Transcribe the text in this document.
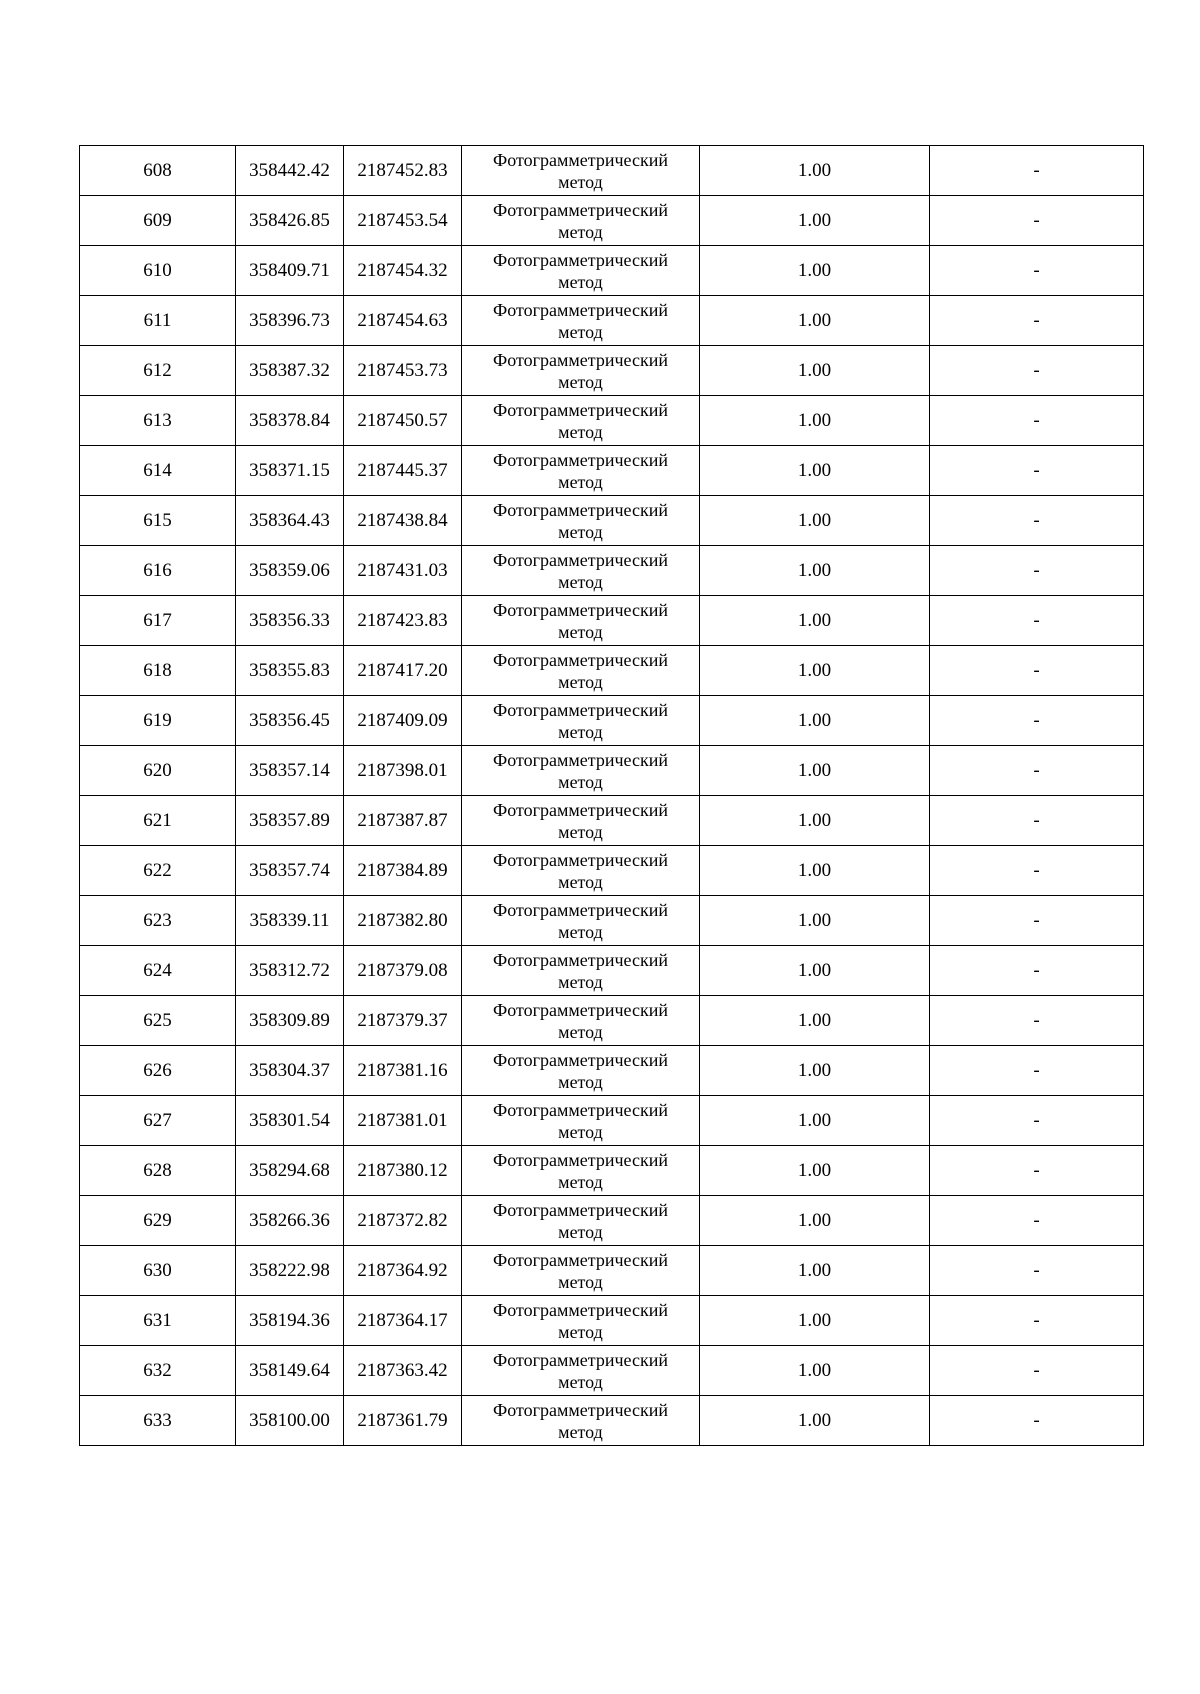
608	358442.42	2187452.83	Фотограмметрический
метод	1.00	-
609	358426.85	2187453.54	Фотограмметрический
метод	1.00	-
610	358409.71	2187454.32	Фотограмметрический
метод	1.00	-
611	358396.73	2187454.63	Фотограмметрический
метод	1.00	-
612	358387.32	2187453.73	Фотограмметрический
метод	1.00	-
613	358378.84	2187450.57	Фотограмметрический
метод	1.00	-
614	358371.15	2187445.37	Фотограмметрический
метод	1.00	-
615	358364.43	2187438.84	Фотограмметрический
метод	1.00	-
616	358359.06	2187431.03	Фотограмметрический
метод	1.00	-
617	358356.33	2187423.83	Фотограмметрический
метод	1.00	-
618	358355.83	2187417.20	Фотограмметрический
метод	1.00	-
619	358356.45	2187409.09	Фотограмметрический
метод	1.00	-
620	358357.14	2187398.01	Фотограмметрический
метод	1.00	-
621	358357.89	2187387.87	Фотограмметрический
метод	1.00	-
622	358357.74	2187384.89	Фотограмметрический
метод	1.00	-
623	358339.11	2187382.80	Фотограмметрический
метод	1.00	-
624	358312.72	2187379.08	Фотограмметрический
метод	1.00	-
625	358309.89	2187379.37	Фотограмметрический
метод	1.00	-
626	358304.37	2187381.16	Фотограмметрический
метод	1.00	-
627	358301.54	2187381.01	Фотограмметрический
метод	1.00	-
628	358294.68	2187380.12	Фотограмметрический
метод	1.00	-
629	358266.36	2187372.82	Фотограмметрический
метод	1.00	-
630	358222.98	2187364.92	Фотограмметрический
метод	1.00	-
631	358194.36	2187364.17	Фотограмметрический
метод	1.00	-
632	358149.64	2187363.42	Фотограмметрический
метод	1.00	-
633	358100.00	2187361.79	Фотограмметрический
метод	1.00	-
